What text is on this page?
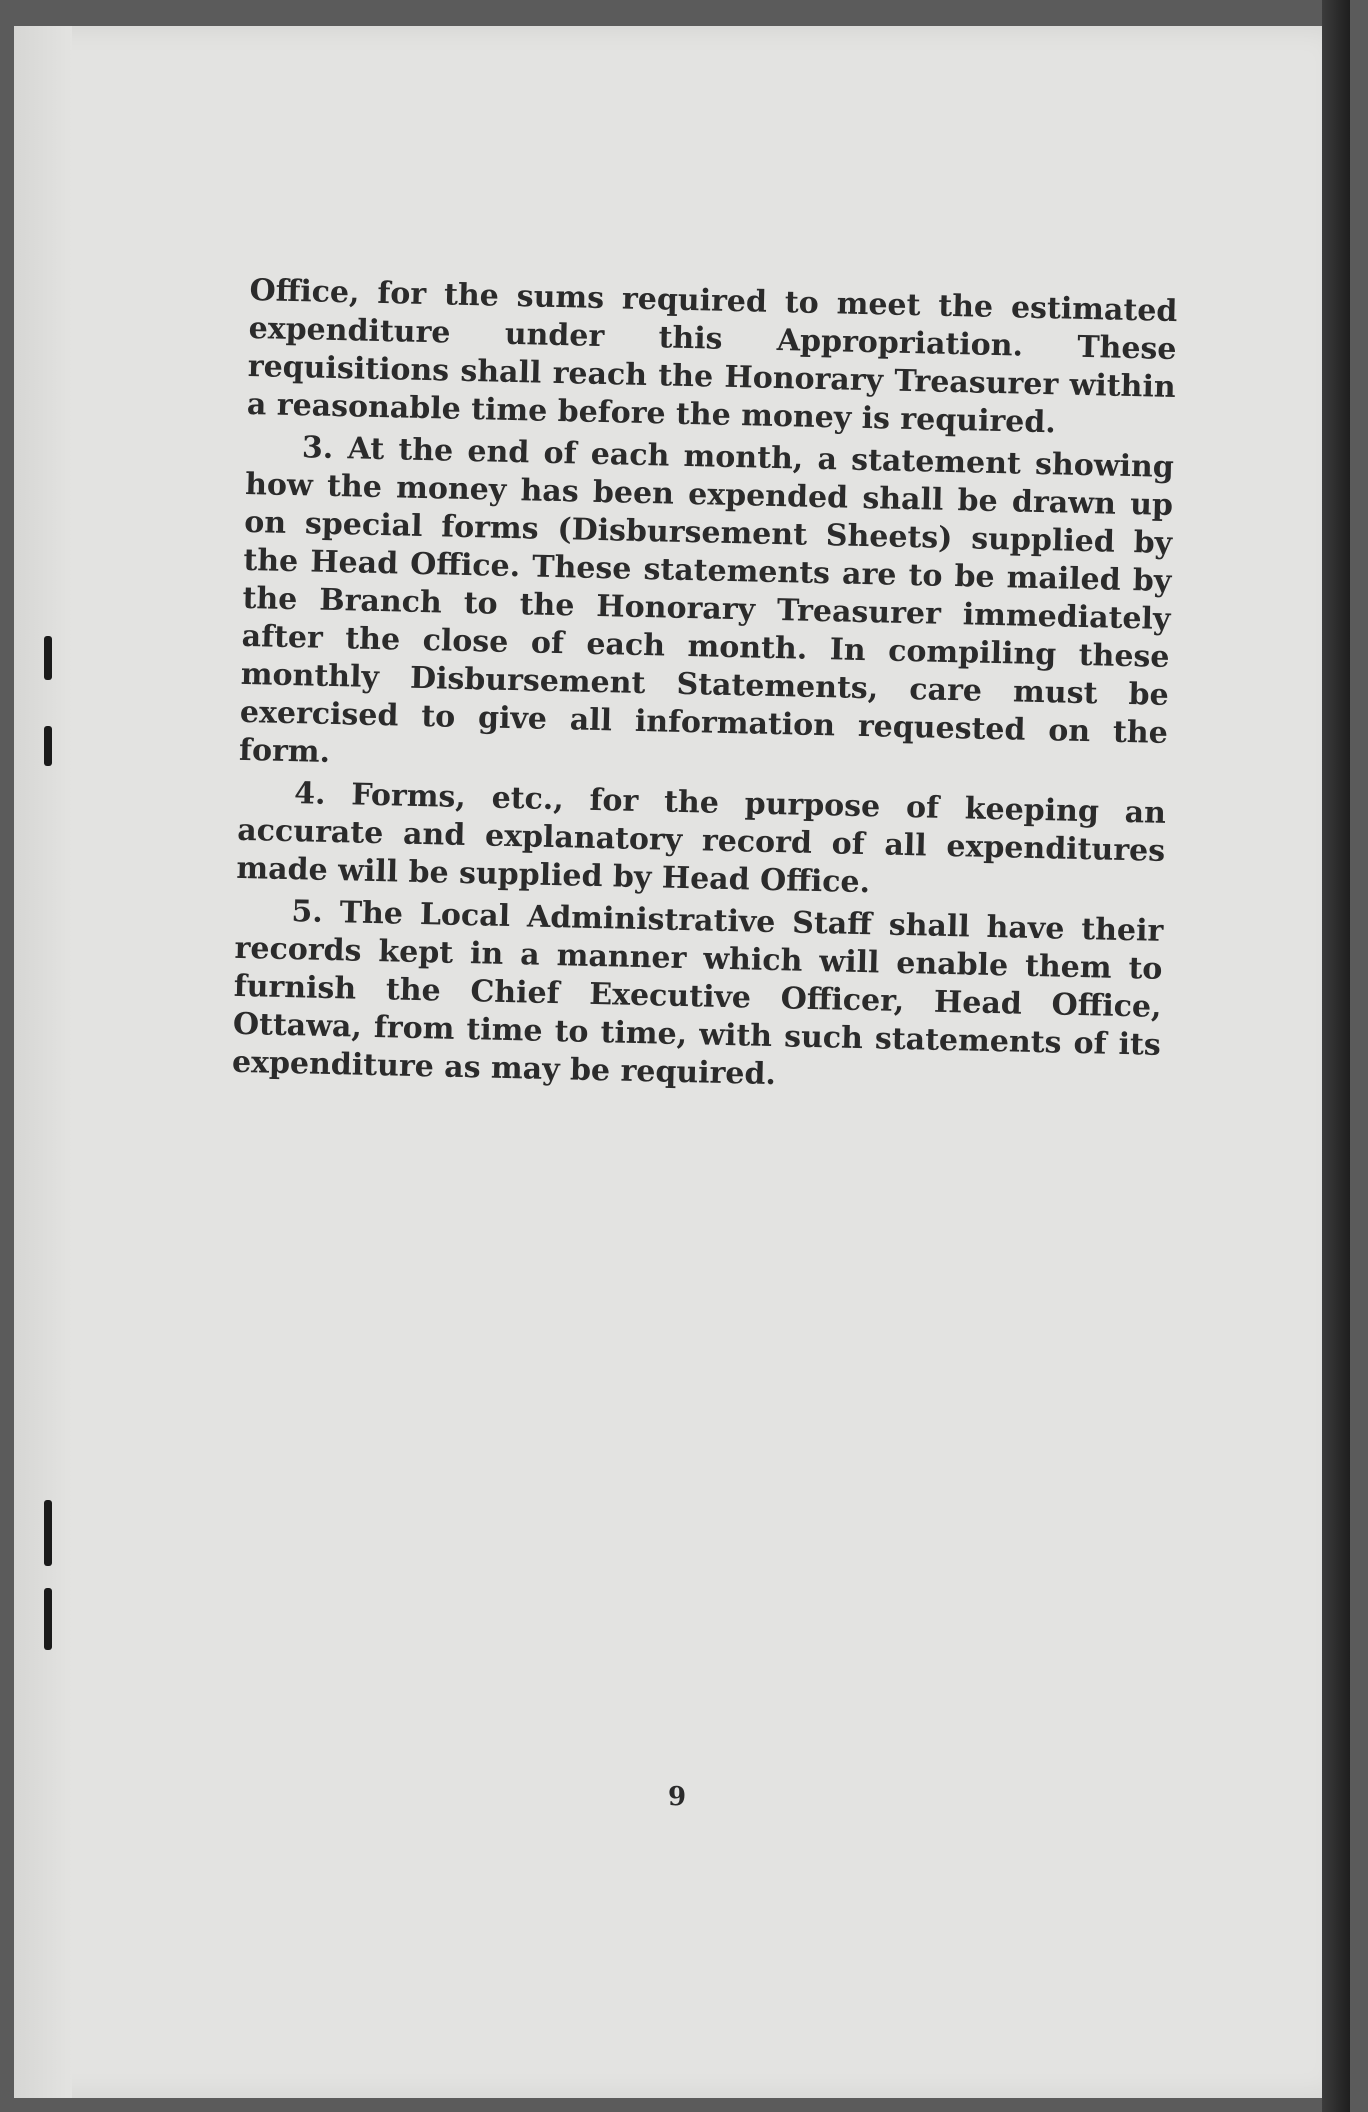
Office, for the sums required to meet the estimated expenditure under this Appropriation. These requisitions shall reach the Honorary Treasurer within a reasonable time before the money is required.

3. At the end of each month, a statement showing how the money has been expended shall be drawn up on special forms (Disbursement Sheets) supplied by the Head Office. These statements are to be mailed by the Branch to the Honorary Treasurer immediately after the close of each month. In compiling these monthly Disbursement Statements, care must be exercised to give all information requested on the form.

4. Forms, etc., for the purpose of keeping an accurate and explanatory record of all expenditures made will be supplied by Head Office.

5. The Local Administrative Staff shall have their records kept in a manner which will enable them to furnish the Chief Executive Officer, Head Office, Ottawa, from time to time, with such statements of its expenditure as may be required.

9
